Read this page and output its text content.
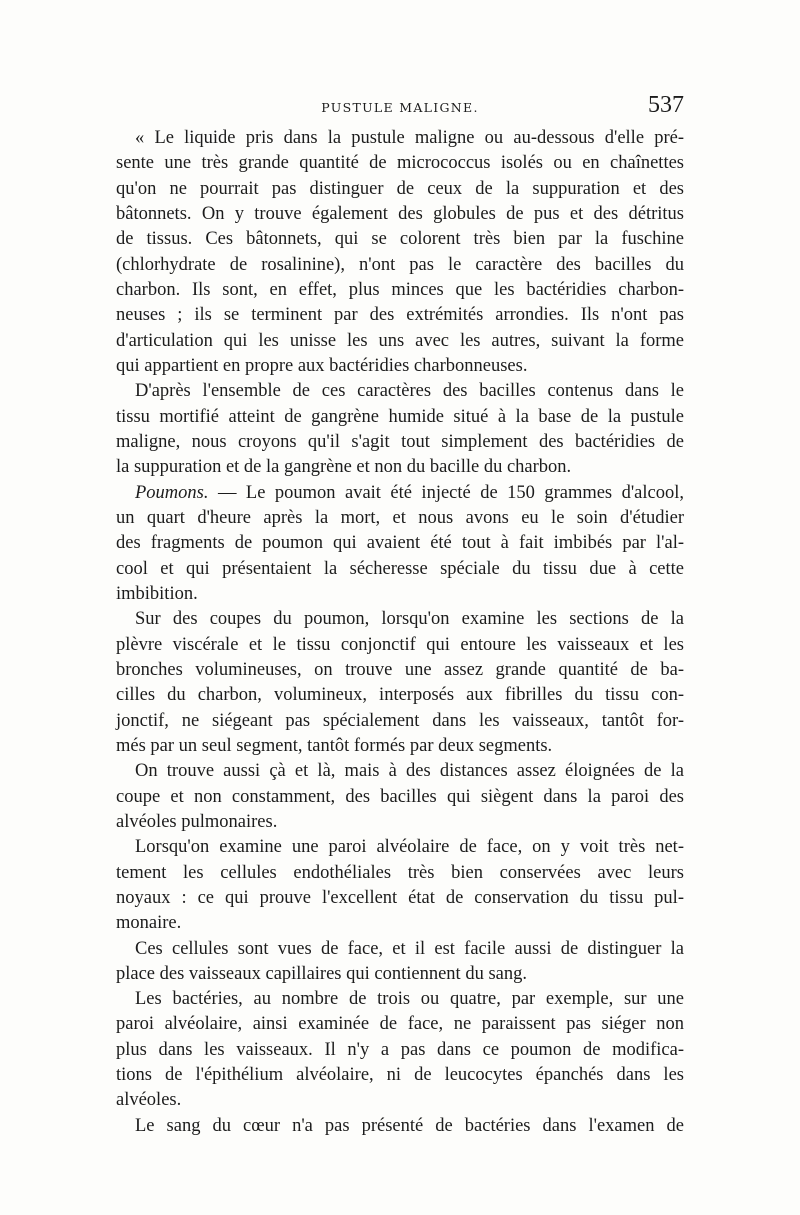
PUSTULE MALIGNE.	537
« Le liquide pris dans la pustule maligne ou au-dessous d'elle pré-
sente une très grande quantité de micrococcus isolés ou en chaînettes
qu'on ne pourrait pas distinguer de ceux de la suppuration et des
bâtonnets. On y trouve également des globules de pus et des détritus
de tissus. Ces bâtonnets, qui se colorent très bien par la fuschine
(chlorhydrate de rosalinine), n'ont pas le caractère des bacilles du
charbon. Ils sont, en effet, plus minces que les bactéridies charbon-
neuses ; ils se terminent par des extrémités arrondies. Ils n'ont pas
d'articulation qui les unisse les uns avec les autres, suivant la forme
qui appartient en propre aux bactéridies charbonneuses.
D'après l'ensemble de ces caractères des bacilles contenus dans le
tissu mortifié atteint de gangrène humide situé à la base de la pustule
maligne, nous croyons qu'il s'agit tout simplement des bactéridies de
la suppuration et de la gangrène et non du bacille du charbon.
Poumons. — Le poumon avait été injecté de 150 grammes d'alcool,
un quart d'heure après la mort, et nous avons eu le soin d'étudier
des fragments de poumon qui avaient été tout à fait imbibés par l'al-
cool et qui présentaient la sécheresse spéciale du tissu due à cette
imbibition.
Sur des coupes du poumon, lorsqu'on examine les sections de la
plèvre viscérale et le tissu conjonctif qui entoure les vaisseaux et les
bronches volumineuses, on trouve une assez grande quantité de ba-
cilles du charbon, volumineux, interposés aux fibrilles du tissu con-
jonctif, ne siégeant pas spécialement dans les vaisseaux, tantôt for-
més par un seul segment, tantôt formés par deux segments.
On trouve aussi çà et là, mais à des distances assez éloignées de la
coupe et non constamment, des bacilles qui siègent dans la paroi des
alvéoles pulmonaires.
Lorsqu'on examine une paroi alvéolaire de face, on y voit très net-
tement les cellules endothéliales très bien conservées avec leurs
noyaux : ce qui prouve l'excellent état de conservation du tissu pul-
monaire.
Ces cellules sont vues de face, et il est facile aussi de distinguer la
place des vaisseaux capillaires qui contiennent du sang.
Les bactéries, au nombre de trois ou quatre, par exemple, sur une
paroi alvéolaire, ainsi examinée de face, ne paraissent pas siéger non
plus dans les vaisseaux. Il n'y a pas dans ce poumon de modifica-
tions de l'épithélium alvéolaire, ni de leucocytes épanchés dans les
alvéoles.
Le sang du cœur n'a pas présenté de bactéries dans l'examen de
